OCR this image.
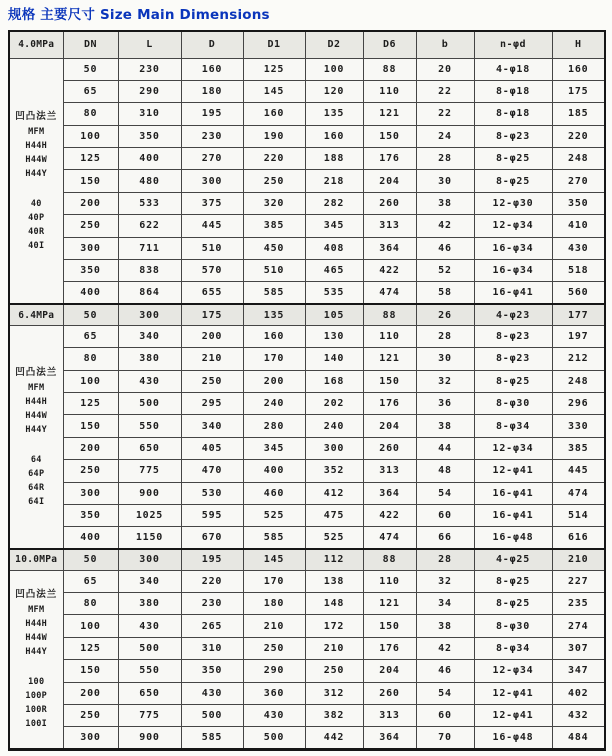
规格 主要尺寸 Size Main Dimensions
4.0MPa	DN	L	D	D1	D2	D6	b	n-φd	H

凹凸法兰
MFM
H44H
H44W
H44Y
40
40P
40R
40I
	50	230	160	125	100	88	20	4-φ18	160
	65	290	180	145	120	110	22	8-φ18	175
	80	310	195	160	135	121	22	8-φ18	185
	100	350	230	190	160	150	24	8-φ23	220
	125	400	270	220	188	176	28	8-φ25	248
	150	480	300	250	218	204	30	8-φ25	270
	200	533	375	320	282	260	38	12-φ30	350
	250	622	445	385	345	313	42	12-φ34	410
	300	711	510	450	408	364	46	16-φ34	430
	350	838	570	510	465	422	52	16-φ34	518
	400	864	655	585	535	474	58	16-φ41	560
6.4MPa	50	300	175	135	105	88	26	4-φ23	177

凹凸法兰
MFM
H44H
H44W
H44Y
64
64P
64R
64I
	65	340	200	160	130	110	28	8-φ23	197
	80	380	210	170	140	121	30	8-φ23	212
	100	430	250	200	168	150	32	8-φ25	248
	125	500	295	240	202	176	36	8-φ30	296
	150	550	340	280	240	204	38	8-φ34	330
	200	650	405	345	300	260	44	12-φ34	385
	250	775	470	400	352	313	48	12-φ41	445
	300	900	530	460	412	364	54	16-φ41	474
	350	1025	595	525	475	422	60	16-φ41	514
	400	1150	670	585	525	474	66	16-φ48	616
10.0MPa	50	300	195	145	112	88	28	4-φ25	210

凹凸法兰
MFM
H44H
H44W
H44Y
100
100P
100R
100I
	65	340	220	170	138	110	32	8-φ25	227
	80	380	230	180	148	121	34	8-φ25	235
	100	430	265	210	172	150	38	8-φ30	274
	125	500	310	250	210	176	42	8-φ34	307
	150	550	350	290	250	204	46	12-φ34	347
	200	650	430	360	312	260	54	12-φ41	402
	250	775	500	430	382	313	60	12-φ41	432
	300	900	585	500	442	364	70	16-φ48	484
